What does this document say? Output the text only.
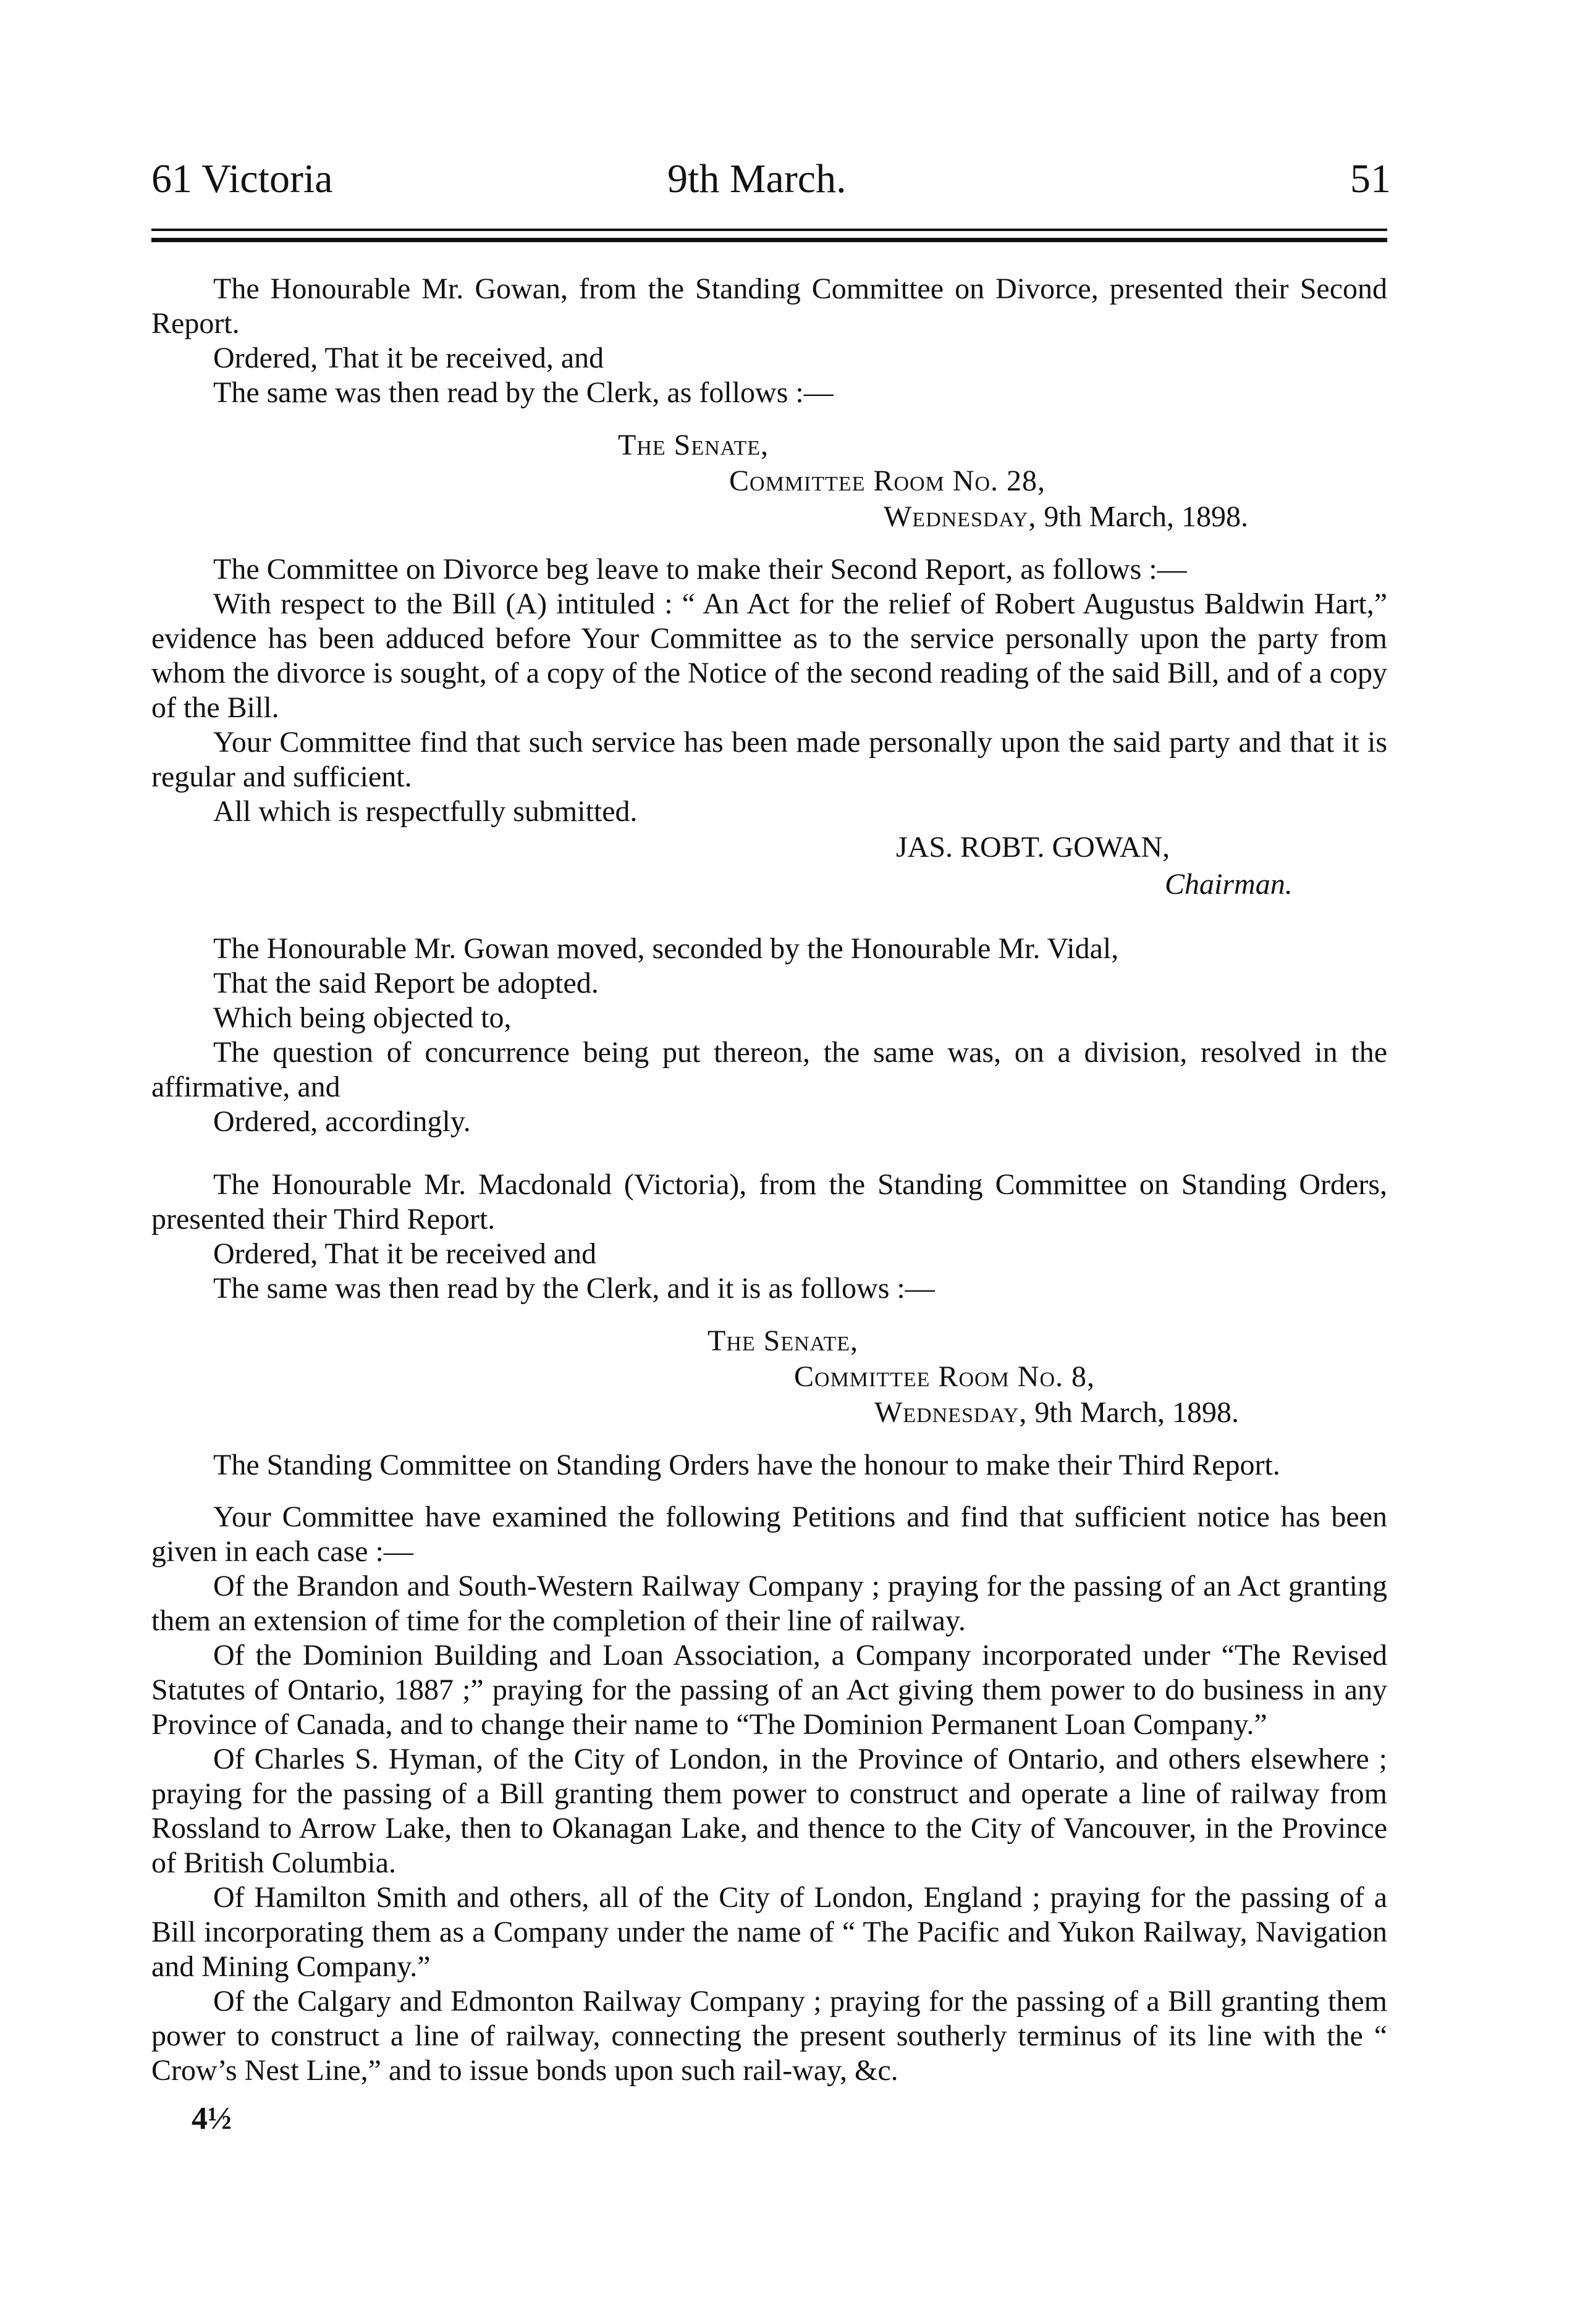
61 Victoria	9th March.	51

The Honourable Mr. Gowan, from the Standing Committee on Divorce, presented their Second Report.

Ordered, That it be received, and

The same was then read by the Clerk, as follows :—

The Senate,

Committee Room No. 28,

Wednesday, 9th March, 1898.

The Committee on Divorce beg leave to make their Second Report, as follows :—

With respect to the Bill (A) intituled : “ An Act for the relief of Robert Augustus Baldwin Hart,” evidence has been adduced before Your Committee as to the service personally upon the party from whom the divorce is sought, of a copy of the Notice of the second reading of the said Bill, and of a copy of the Bill.

Your Committee find that such service has been made personally upon the said party and that it is regular and sufficient.

All which is respectfully submitted.

JAS. ROBT. GOWAN,

Chairman.

The Honourable Mr. Gowan moved, seconded by the Honourable Mr. Vidal,

That the said Report be adopted.

Which being objected to,

The question of concurrence being put thereon, the same was, on a division, resolved in the affirmative, and

Ordered, accordingly.

The Honourable Mr. Macdonald (Victoria), from the Standing Committee on Standing Orders, presented their Third Report.

Ordered, That it be received and

The same was then read by the Clerk, and it is as follows :—

The Senate,

Committee Room No. 8,

Wednesday, 9th March, 1898.

The Standing Committee on Standing Orders have the honour to make their Third Report.

Your Committee have examined the following Petitions and find that sufficient notice has been given in each case :—

Of the Brandon and South-Western Railway Company ; praying for the passing of an Act granting them an extension of time for the completion of their line of railway.

Of the Dominion Building and Loan Association, a Company incorporated under “The Revised Statutes of Ontario, 1887 ;” praying for the passing of an Act giving them power to do business in any Province of Canada, and to change their name to “The Dominion Permanent Loan Company.”

Of Charles S. Hyman, of the City of London, in the Province of Ontario, and others elsewhere ; praying for the passing of a Bill granting them power to construct and operate a line of railway from Rossland to Arrow Lake, then to Okanagan Lake, and thence to the City of Vancouver, in the Province of British Columbia.

Of Hamilton Smith and others, all of the City of London, England ; praying for the passing of a Bill incorporating them as a Company under the name of “ The Pacific and Yukon Railway, Navigation and Mining Company.”

Of the Calgary and Edmonton Railway Company ; praying for the passing of a Bill granting them power to construct a line of railway, connecting the present southerly terminus of its line with the “ Crow’s Nest Line,” and to issue bonds upon such rail-way, &c.

4½
